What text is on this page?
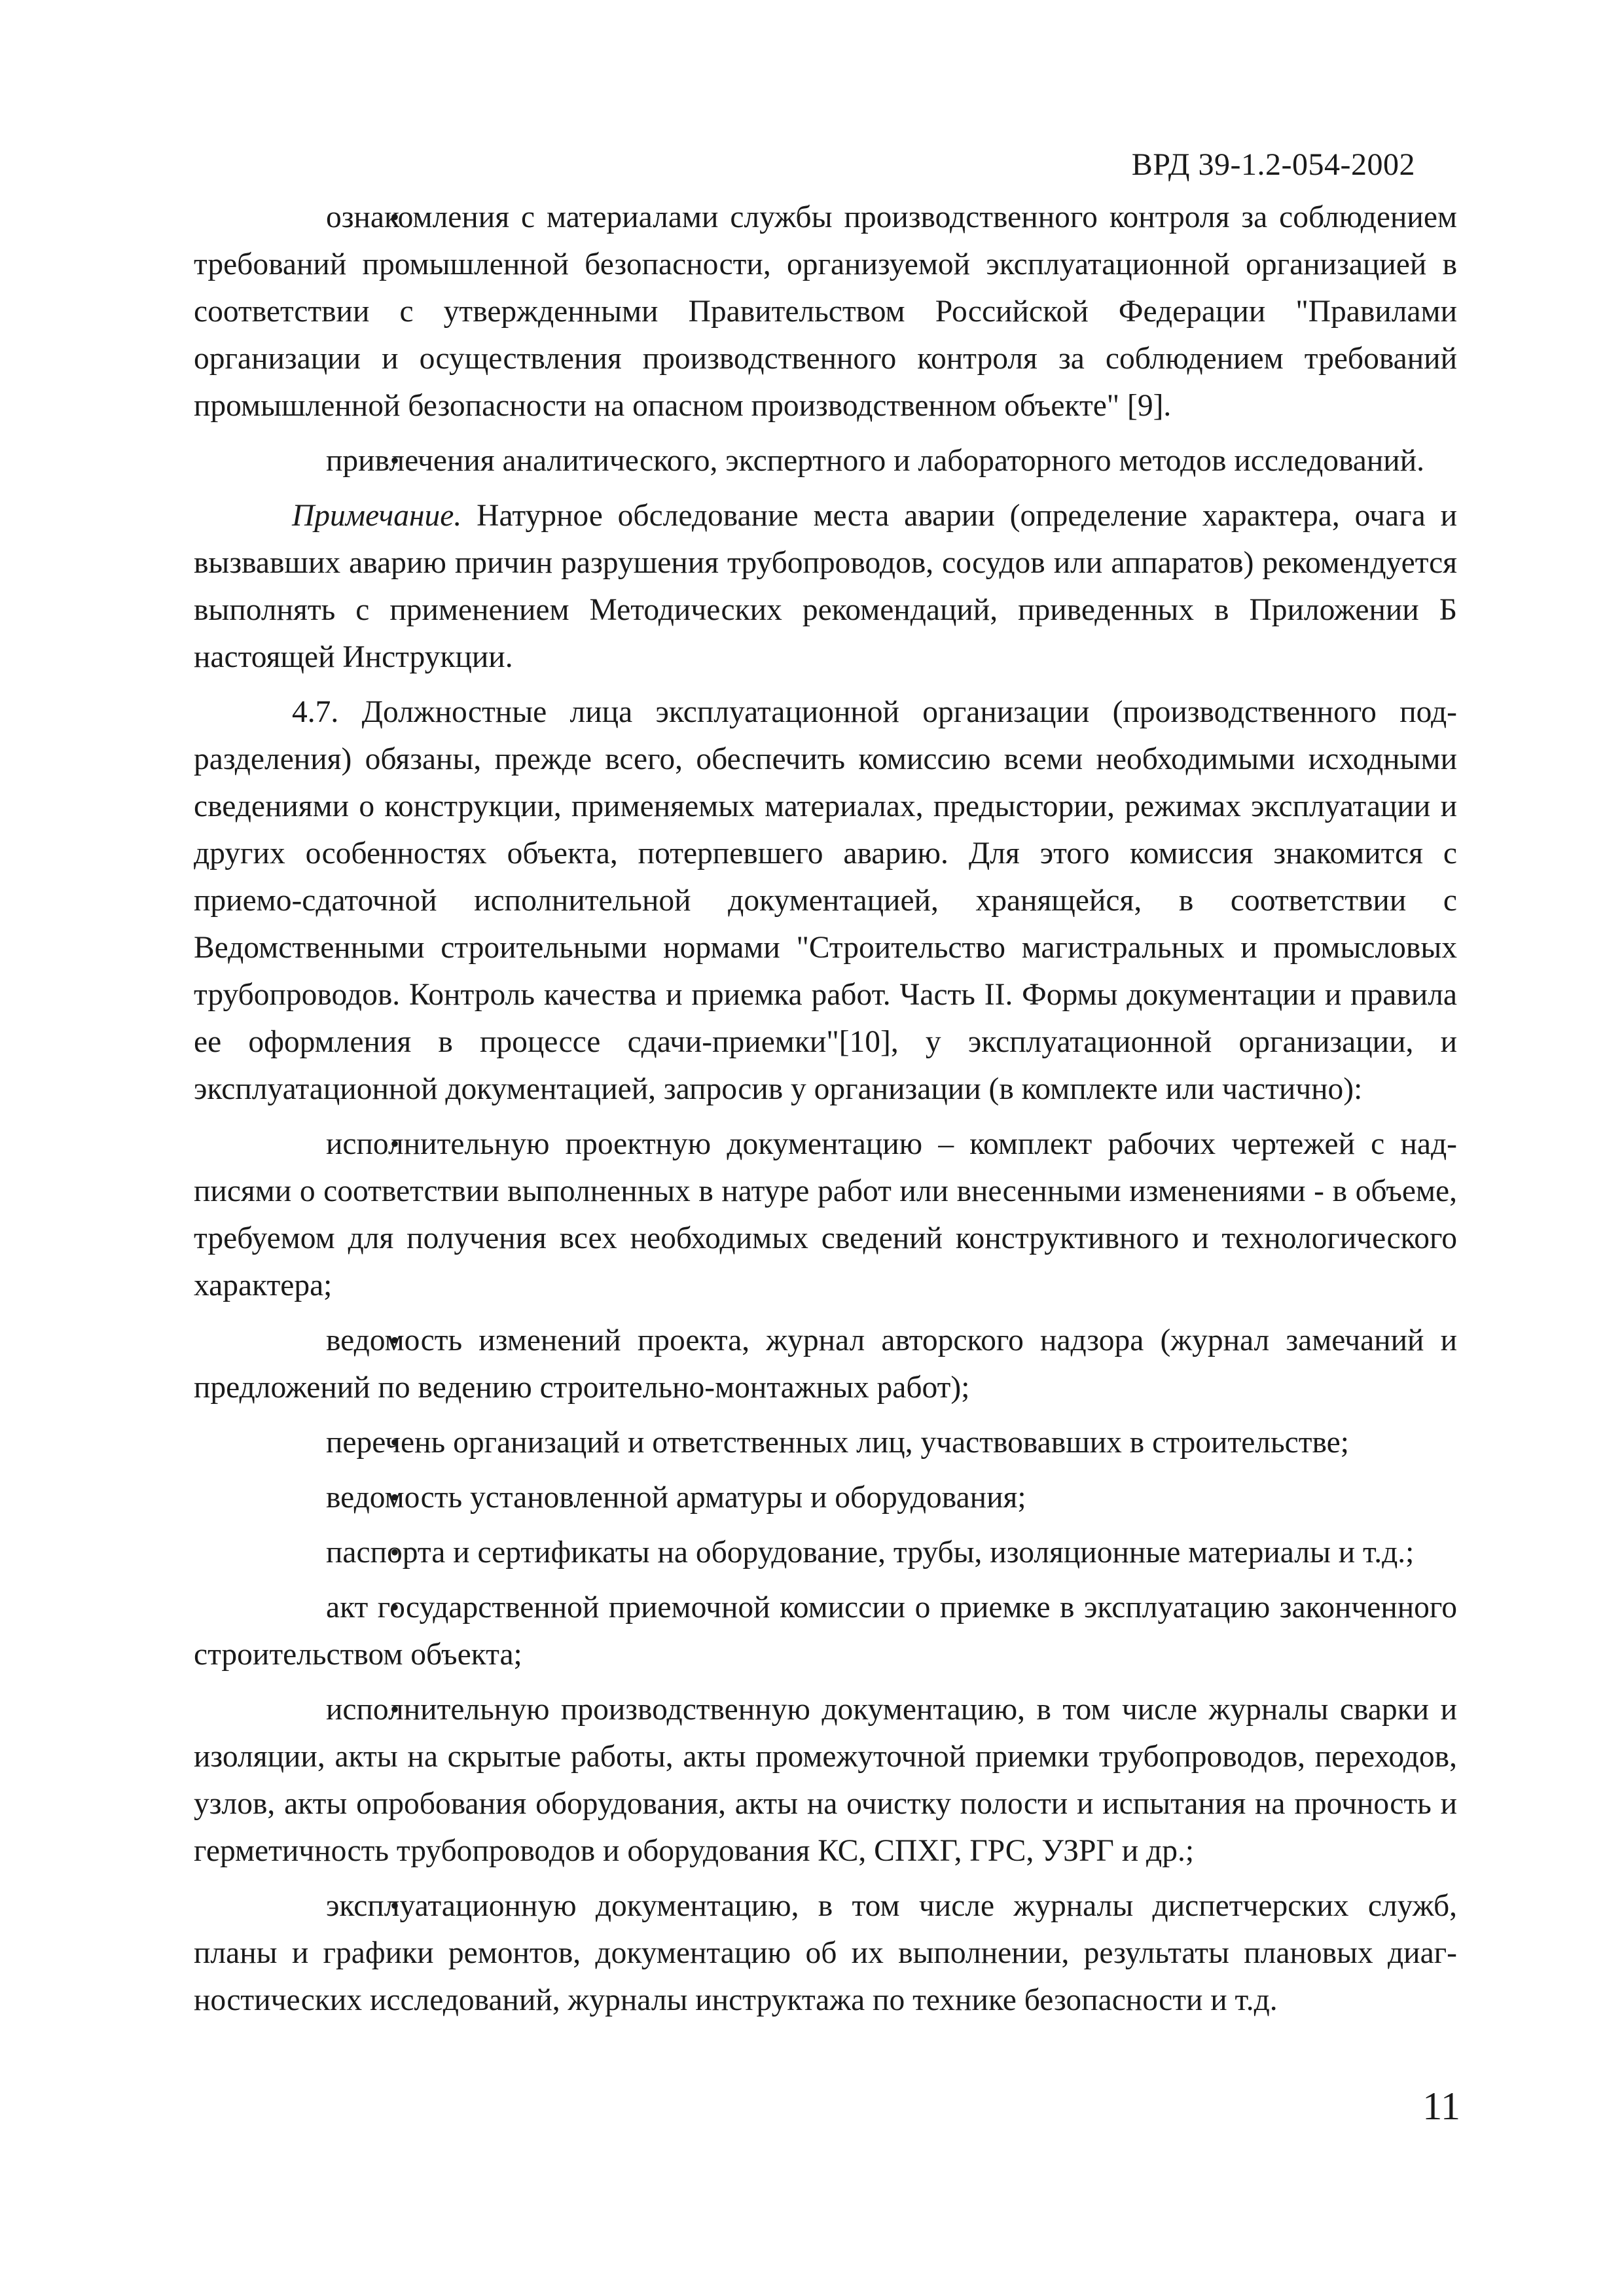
ВРД 39-1.2-054-2002

• ознакомления с материалами службы производственного контроля за соблюдением требований промышленной безопасности, организуемой эксплуатационной организацией в соответствии с утвержденными Правительством Российской Федерации "Правилами организации и осуществления производственного контроля за соблюдением требований промышленной безопасности на опасном производственном объекте" [9].

• привлечения аналитического, экспертного и лабораторного методов исследований.

Примечание. Натурное обследование места аварии (определение характера, очага и вызвавших аварию причин разрушения трубопроводов, сосудов или аппаратов) рекомендуется выполнять с применением Методических рекомендаций, приведенных в Приложении Б настоящей Инструкции.

4.7. Должностные лица эксплуатационной организации (производственного подразделения) обязаны, прежде всего, обеспечить комиссию всеми необходимыми исходными сведениями о конструкции, применяемых материалах, предыстории, режимах эксплуатации и других особенностях объекта, потерпевшего аварию. Для этого комиссия знакомится с приемо-сдаточной исполнительной документацией, хранящейся, в соответствии с Ведомственными строительными нормами "Строительство магистральных и промысловых трубопроводов. Контроль качества и приемка работ. Часть II. Формы документации и правила ее оформления в процессе сдачи-приемки"[10], у эксплуатационной организации, и эксплуатационной документацией, запросив у организации (в комплекте или частично):

• исполнительную проектную документацию – комплект рабочих чертежей с надписями о соответствии выполненных в натуре работ или внесенными изменениями - в объеме, требуемом для получения всех необходимых сведений конструктивного и технологического характера;

• ведомость изменений проекта, журнал авторского надзора (журнал замечаний и предложений по ведению строительно-монтажных работ);

• перечень организаций и ответственных лиц, участвовавших в строительстве;

• ведомость установленной арматуры и оборудования;

• паспорта и сертификаты на оборудование, трубы, изоляционные материалы и т.д.;

• акт государственной приемочной комиссии о приемке в эксплуатацию законченного строительством объекта;

• исполнительную производственную документацию, в том числе журналы сварки и изоляции, акты на скрытые работы, акты промежуточной приемки трубопроводов, переходов, узлов, акты опробования оборудования, акты на очистку полости и испытания на прочность и герметичность трубопроводов и оборудования КС, СПХГ, ГРС, УЗРГ и др.;

• эксплуатационную документацию, в том числе журналы диспетчерских служб, планы и графики ремонтов, документацию об их выполнении, результаты плановых диагностических исследований, журналы инструктажа по технике безопасности и т.д.

11
